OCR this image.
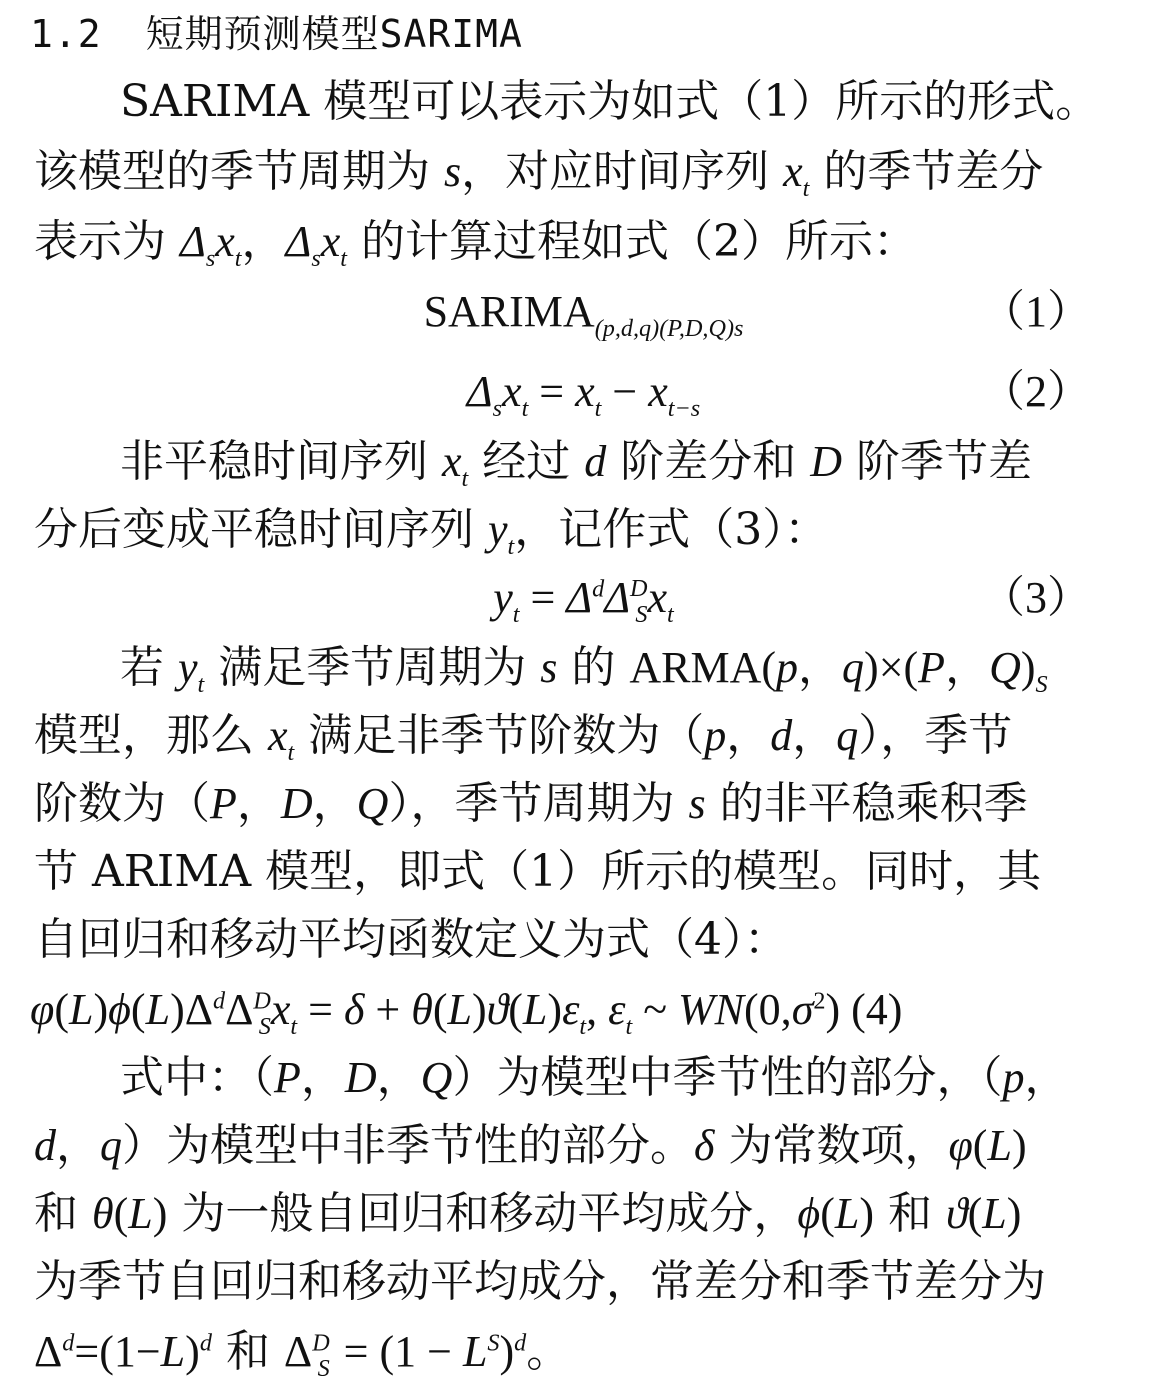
1.2 短期预测模型SARIMA
SARIMA 模型可以表示为如式（1）所示的形式。
该模型的季节周期为 s，对应时间序列 $x_t$ 的季节差分
表示为 $\Delta_sx_t$，$\Delta_sx_t$ 的计算过程如式（2）所示：
$SARIMA_{(p,d,q)(P,D,Q)s}$	（1）
$\Delta_sx_t = x_t - x_{t-s}$	（2）
非平稳时间序列 $x_t$ 经过 d 阶差分和 D 阶季节差
分后变成平稳时间序列 $y_t$，记作式（3）：
$y_t = \Delta^d\Delta^D_Sx_t$	（3）
若 $y_t$ 满足季节周期为 s 的 ARMA(p，q)×(P，$Q)_S$
模型，那么 $x_t$ 满足非季节阶数为（p，d，q），季节
阶数为（P，D，Q），季节周期为 s 的非平稳乘积季
节 ARIMA 模型，即式（1）所示的模型。同时，其
自回归和移动平均函数定义为式（4）：
$\varphi(L)\phi(L)\Delta^d\Delta^D_Sx_t = \delta + \theta(L)ϑ(L)\varepsilon_t$, $\varepsilon_t$ ~ $WN(0,\sigma^2)$ (4)
式中：（P，D，Q）为模型中季节性的部分，（p，
d，q）为模型中非季节性的部分。δ 为常数项，φ(L)
和 θ(L) 为一般自回归和移动平均成分，ϕ(L) 和 ϑ(L)
为季节自回归和移动平均成分，常差分和季节差分为
$\Delta^d=(1-L)^d$ 和 $\Delta^D_S = (1 - L^S)^d$。
